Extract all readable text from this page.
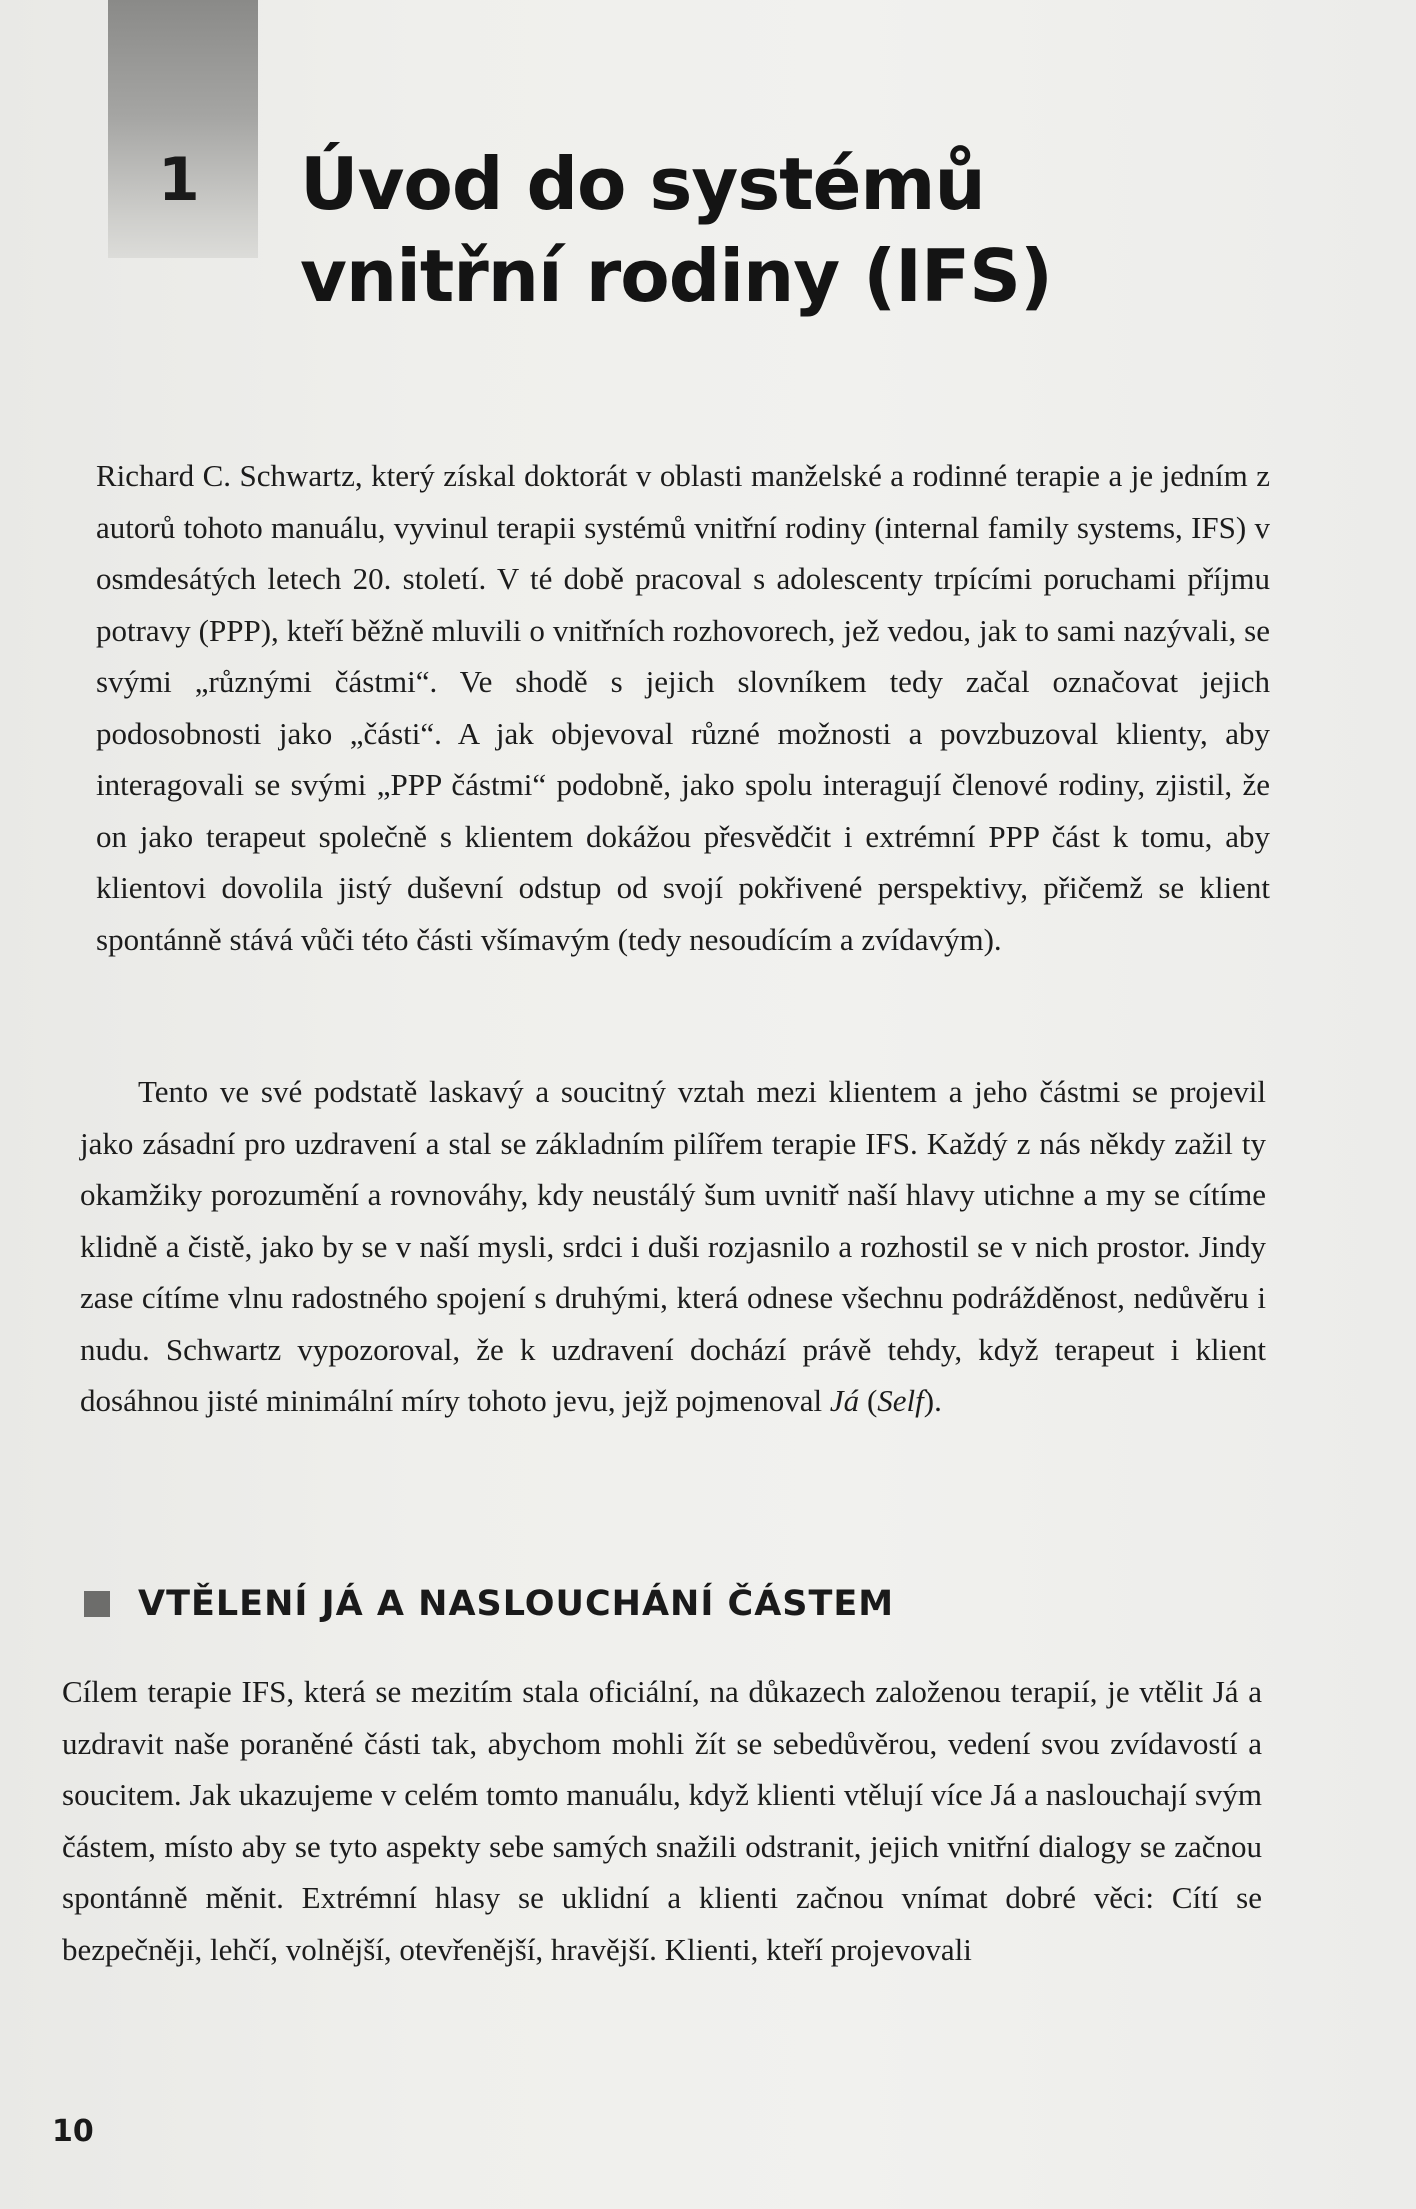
1 Úvod do systémů
vnitřní rodiny (IFS)

Richard C. Schwartz, který získal doktorát v oblasti manželské a rodinné terapie a je jedním z autorů tohoto manuálu, vyvinul terapii systémů vnitřní rodiny (internal family systems, IFS) v osmdesátých letech 20. století. V té době pracoval s adolescenty trpícími poruchami příjmu potravy (PPP), kteří běžně mluvili o vnitřních rozhovorech, jež vedou, jak to sami nazývali, se svými „různými částmi“. Ve shodě s jejich slovníkem tedy začal označovat jejich podosobnosti jako „části“. A jak objevoval různé možnosti a povzbuzoval klienty, aby interagovali se svými „PPP částmi“ podobně, jako spolu interagují členové rodiny, zjistil, že on jako terapeut společně s klientem dokážou přesvědčit i extrémní PPP část k tomu, aby klientovi dovolila jistý duševní odstup od svojí pokřivené perspektivy, přičemž se klient spontánně stává vůči této části všímavým (tedy nesoudícím a zvídavým).

Tento ve své podstatě laskavý a soucitný vztah mezi klientem a jeho částmi se projevil jako zásadní pro uzdravení a stal se základním pilířem terapie IFS. Každý z nás někdy zažil ty okamžiky porozumění a rovnováhy, kdy neustálý šum uvnitř naší hlavy utichne a my se cítíme klidně a čistě, jako by se v naší mysli, srdci i duši rozjasnilo a rozhostil se v nich prostor. Jindy zase cítíme vlnu radostného spojení s druhými, která odnese všechnu podrážděnost, nedůvěru i nudu. Schwartz vypozoroval, že k uzdravení dochází právě tehdy, když terapeut i klient dosáhnou jisté minimální míry tohoto jevu, jejž pojmenoval Já (Self).

VTĚLENÍ JÁ A NASLOUCHÁNÍ ČÁSTEM

Cílem terapie IFS, která se mezitím stala oficiální, na důkazech založenou terapií, je vtělit Já a uzdravit naše poraněné části tak, abychom mohli žít se sebedůvěrou, vedení svou zvídavostí a soucitem. Jak ukazujeme v celém tomto manuálu, když klienti vtělují více Já a naslouchají svým částem, místo aby se tyto aspekty sebe samých snažili odstranit, jejich vnitřní dialogy se začnou spontánně měnit. Extrémní hlasy se uklidní a klienti začnou vnímat dobré věci: Cítí se bezpečněji, lehčí, volnější, otevřenější, hravější. Klienti, kteří projevovali

10
